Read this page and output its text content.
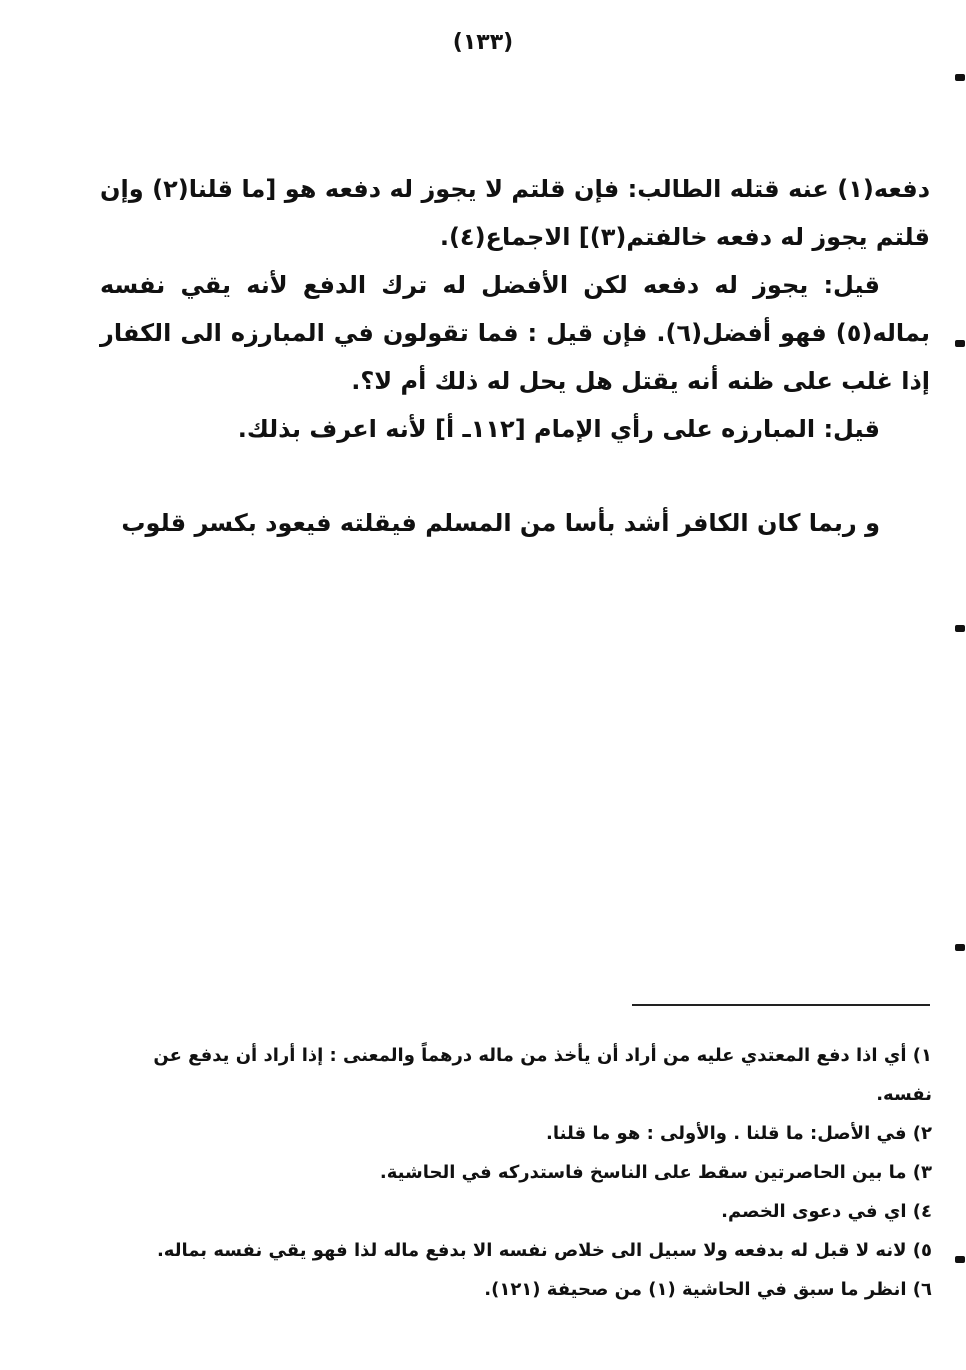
(١٣٣)

دفعه(١) عنه قتله الطالب: فإن قلتم لا يجوز له دفعه هو [ما قلنا(٢) وإن قلتم يجوز له دفعه خالفتم(٣)] الاجماع(٤).

قيل: يجوز له دفعه لكن الأفضل له ترك الدفع لأنه يقي نفسه بماله(٥) فهو أفضل(٦). فإن قيل : فما تقولون في المبارزه الى الكفار إذا غلب على ظنه أنه يقتل هل يحل له ذلك أم لا؟.

قيل: المبارزه على رأي الإمام [١١٢ـ أ] لأنه اعرف بذلك.

و ربما كان الكافر أشد بأسا من المسلم فيقلته فيعود بكسر قلوب

١) أي اذا دفع المعتدي عليه من أراد أن يأخذ من ماله درهماً والمعنى : إذا أراد أن يدفع عن نفسه.

٢) في الأصل: ما قلنا . والأولى : هو ما قلنا.

٣) ما بين الحاصرتين سقط على الناسخ فاستدركه في الحاشية.

٤) اي في دعوى الخصم.

٥) لانه لا قبل له بدفعه ولا سبيل الى خلاص نفسه الا بدفع ماله لذا فهو يقي نفسه بماله.

٦) انظر ما سبق في الحاشية (١) من صحيفة (١٢١).
